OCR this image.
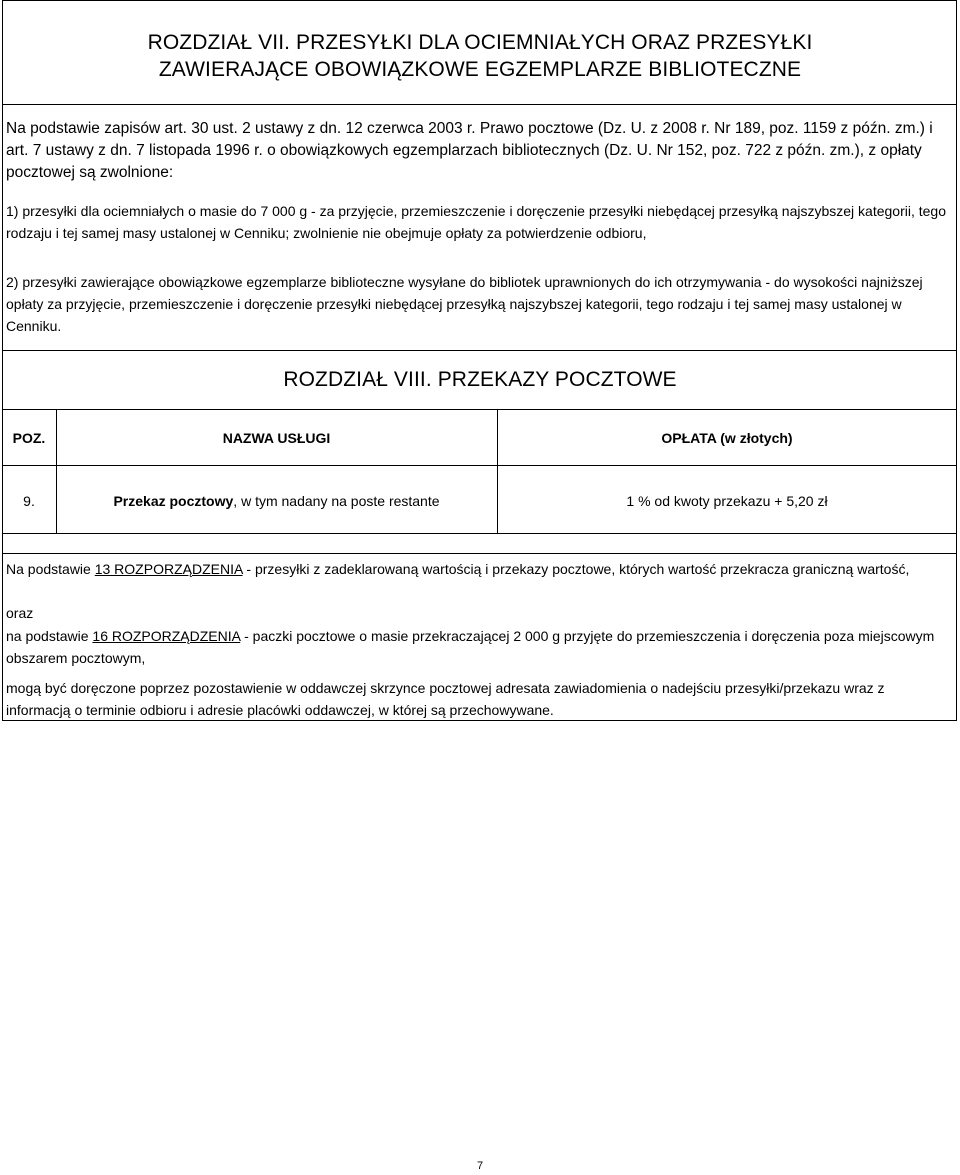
ROZDZIAŁ VII. PRZESYŁKI DLA OCIEMNIAŁYCH ORAZ PRZESYŁKI
ZAWIERAJĄCE OBOWIĄZKOWE EGZEMPLARZE BIBLIOTECZNE
Na podstawie zapisów art. 30 ust. 2 ustawy z dn. 12 czerwca 2003 r. Prawo pocztowe (Dz. U. z 2008 r. Nr 189, poz. 1159 z późn. zm.) i art. 7 ustawy z dn. 7 listopada 1996 r. o obowiązkowych egzemplarzach bibliotecznych (Dz. U. Nr 152, poz. 722 z późn. zm.), z opłaty pocztowej są zwolnione:
1) przesyłki dla ociemniałych o masie do 7 000 g - za przyjęcie, przemieszczenie i doręczenie przesyłki niebędącej przesyłką najszybszej kategorii, tego rodzaju i tej samej masy ustalonej w Cenniku; zwolnienie nie obejmuje opłaty za potwierdzenie odbioru,
2) przesyłki zawierające obowiązkowe egzemplarze biblioteczne wysyłane do bibliotek uprawnionych do ich otrzymywania - do wysokości najniższej opłaty za przyjęcie, przemieszczenie i doręczenie przesyłki niebędącej przesyłką najszybszej kategorii, tego rodzaju i tej samej masy ustalonej w Cenniku.
ROZDZIAŁ VIII. PRZEKAZY POCZTOWE
POZ.	NAZWA USŁUGI	OPŁATA (w złotych)
9.	Przekaz pocztowy, w tym nadany na poste restante	1 % od kwoty przekazu + 5,20 zł
Na podstawie 13 ROZPORZĄDZENIA - przesyłki z zadeklarowaną wartością i przekazy pocztowe, których wartość przekracza graniczną wartość,
oraz
na podstawie 16 ROZPORZĄDZENIA - paczki pocztowe o masie przekraczającej 2 000 g przyjęte do przemieszczenia i doręczenia poza miejscowym obszarem pocztowym,
mogą być doręczone poprzez pozostawienie w oddawczej skrzynce pocztowej adresata zawiadomienia o nadejściu przesyłki/przekazu wraz z informacją o terminie odbioru i adresie placówki oddawczej, w której są przechowywane.
7
